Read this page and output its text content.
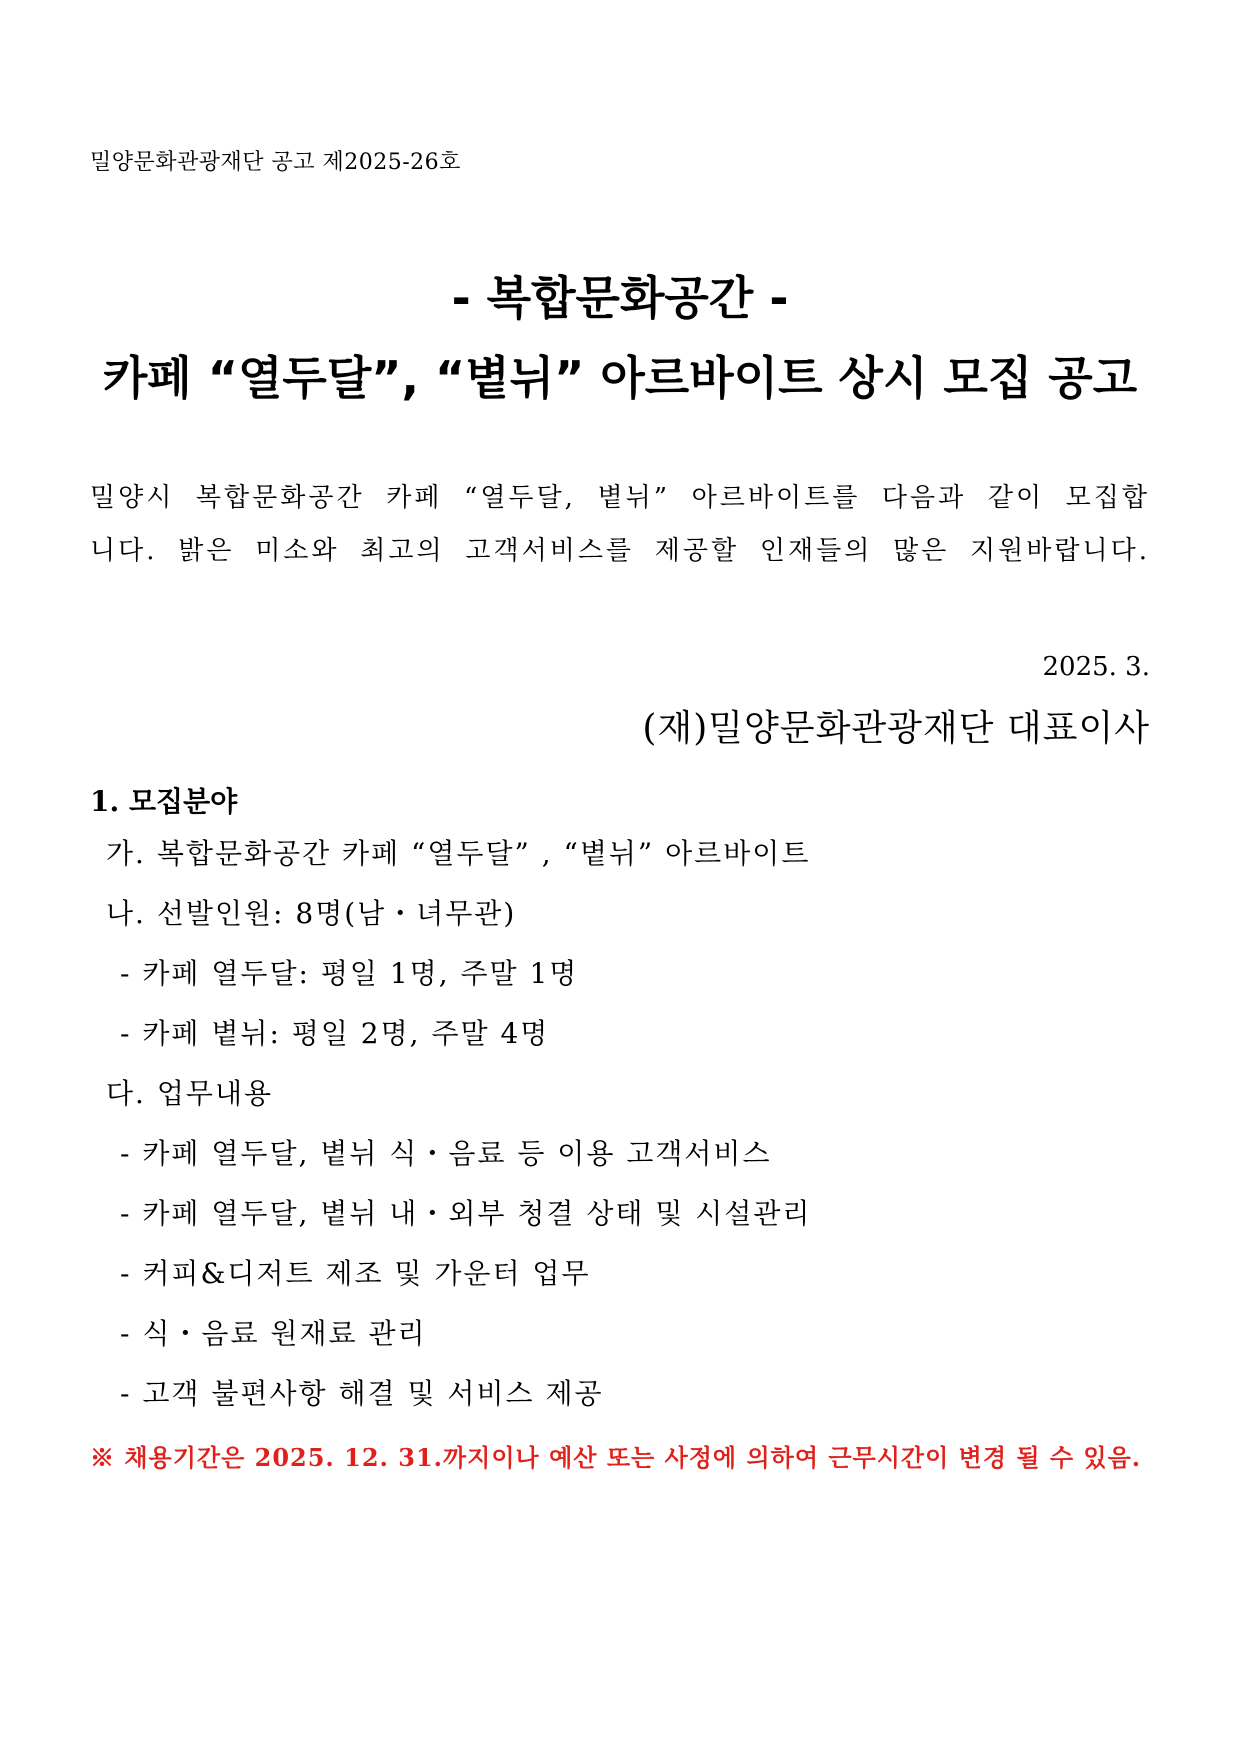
밀양문화관광재단 공고 제2025-26호
- 복합문화공간 -
카페 “열두달”, “볕뉘” 아르바이트 상시 모집 공고
밀양시 복합문화공간 카페 “열두달, 볕뉘” 아르바이트를 다음과 같이 모집합
니다. 밝은 미소와 최고의 고객서비스를 제공할 인재들의 많은 지원바랍니다.
2025. 3.
(재)밀양문화관광재단 대표이사
1. 모집분야
가. 복합문화공간 카페 “열두달” , “볕뉘” 아르바이트
나. 선발인원: 8명(남・녀무관)
- 카페 열두달: 평일 1명, 주말 1명
- 카페 볕뉘: 평일 2명, 주말 4명
다. 업무내용
- 카페 열두달, 볕뉘 식・음료 등 이용 고객서비스
- 카페 열두달, 볕뉘 내・외부 청결 상태 및 시설관리
- 커피&디저트 제조 및 가운터 업무
- 식・음료 원재료 관리
- 고객 불편사항 해결 및 서비스 제공
※ 채용기간은 2025. 12. 31.까지이나 예산 또는 사정에 의하여 근무시간이 변경 될 수 있음.
